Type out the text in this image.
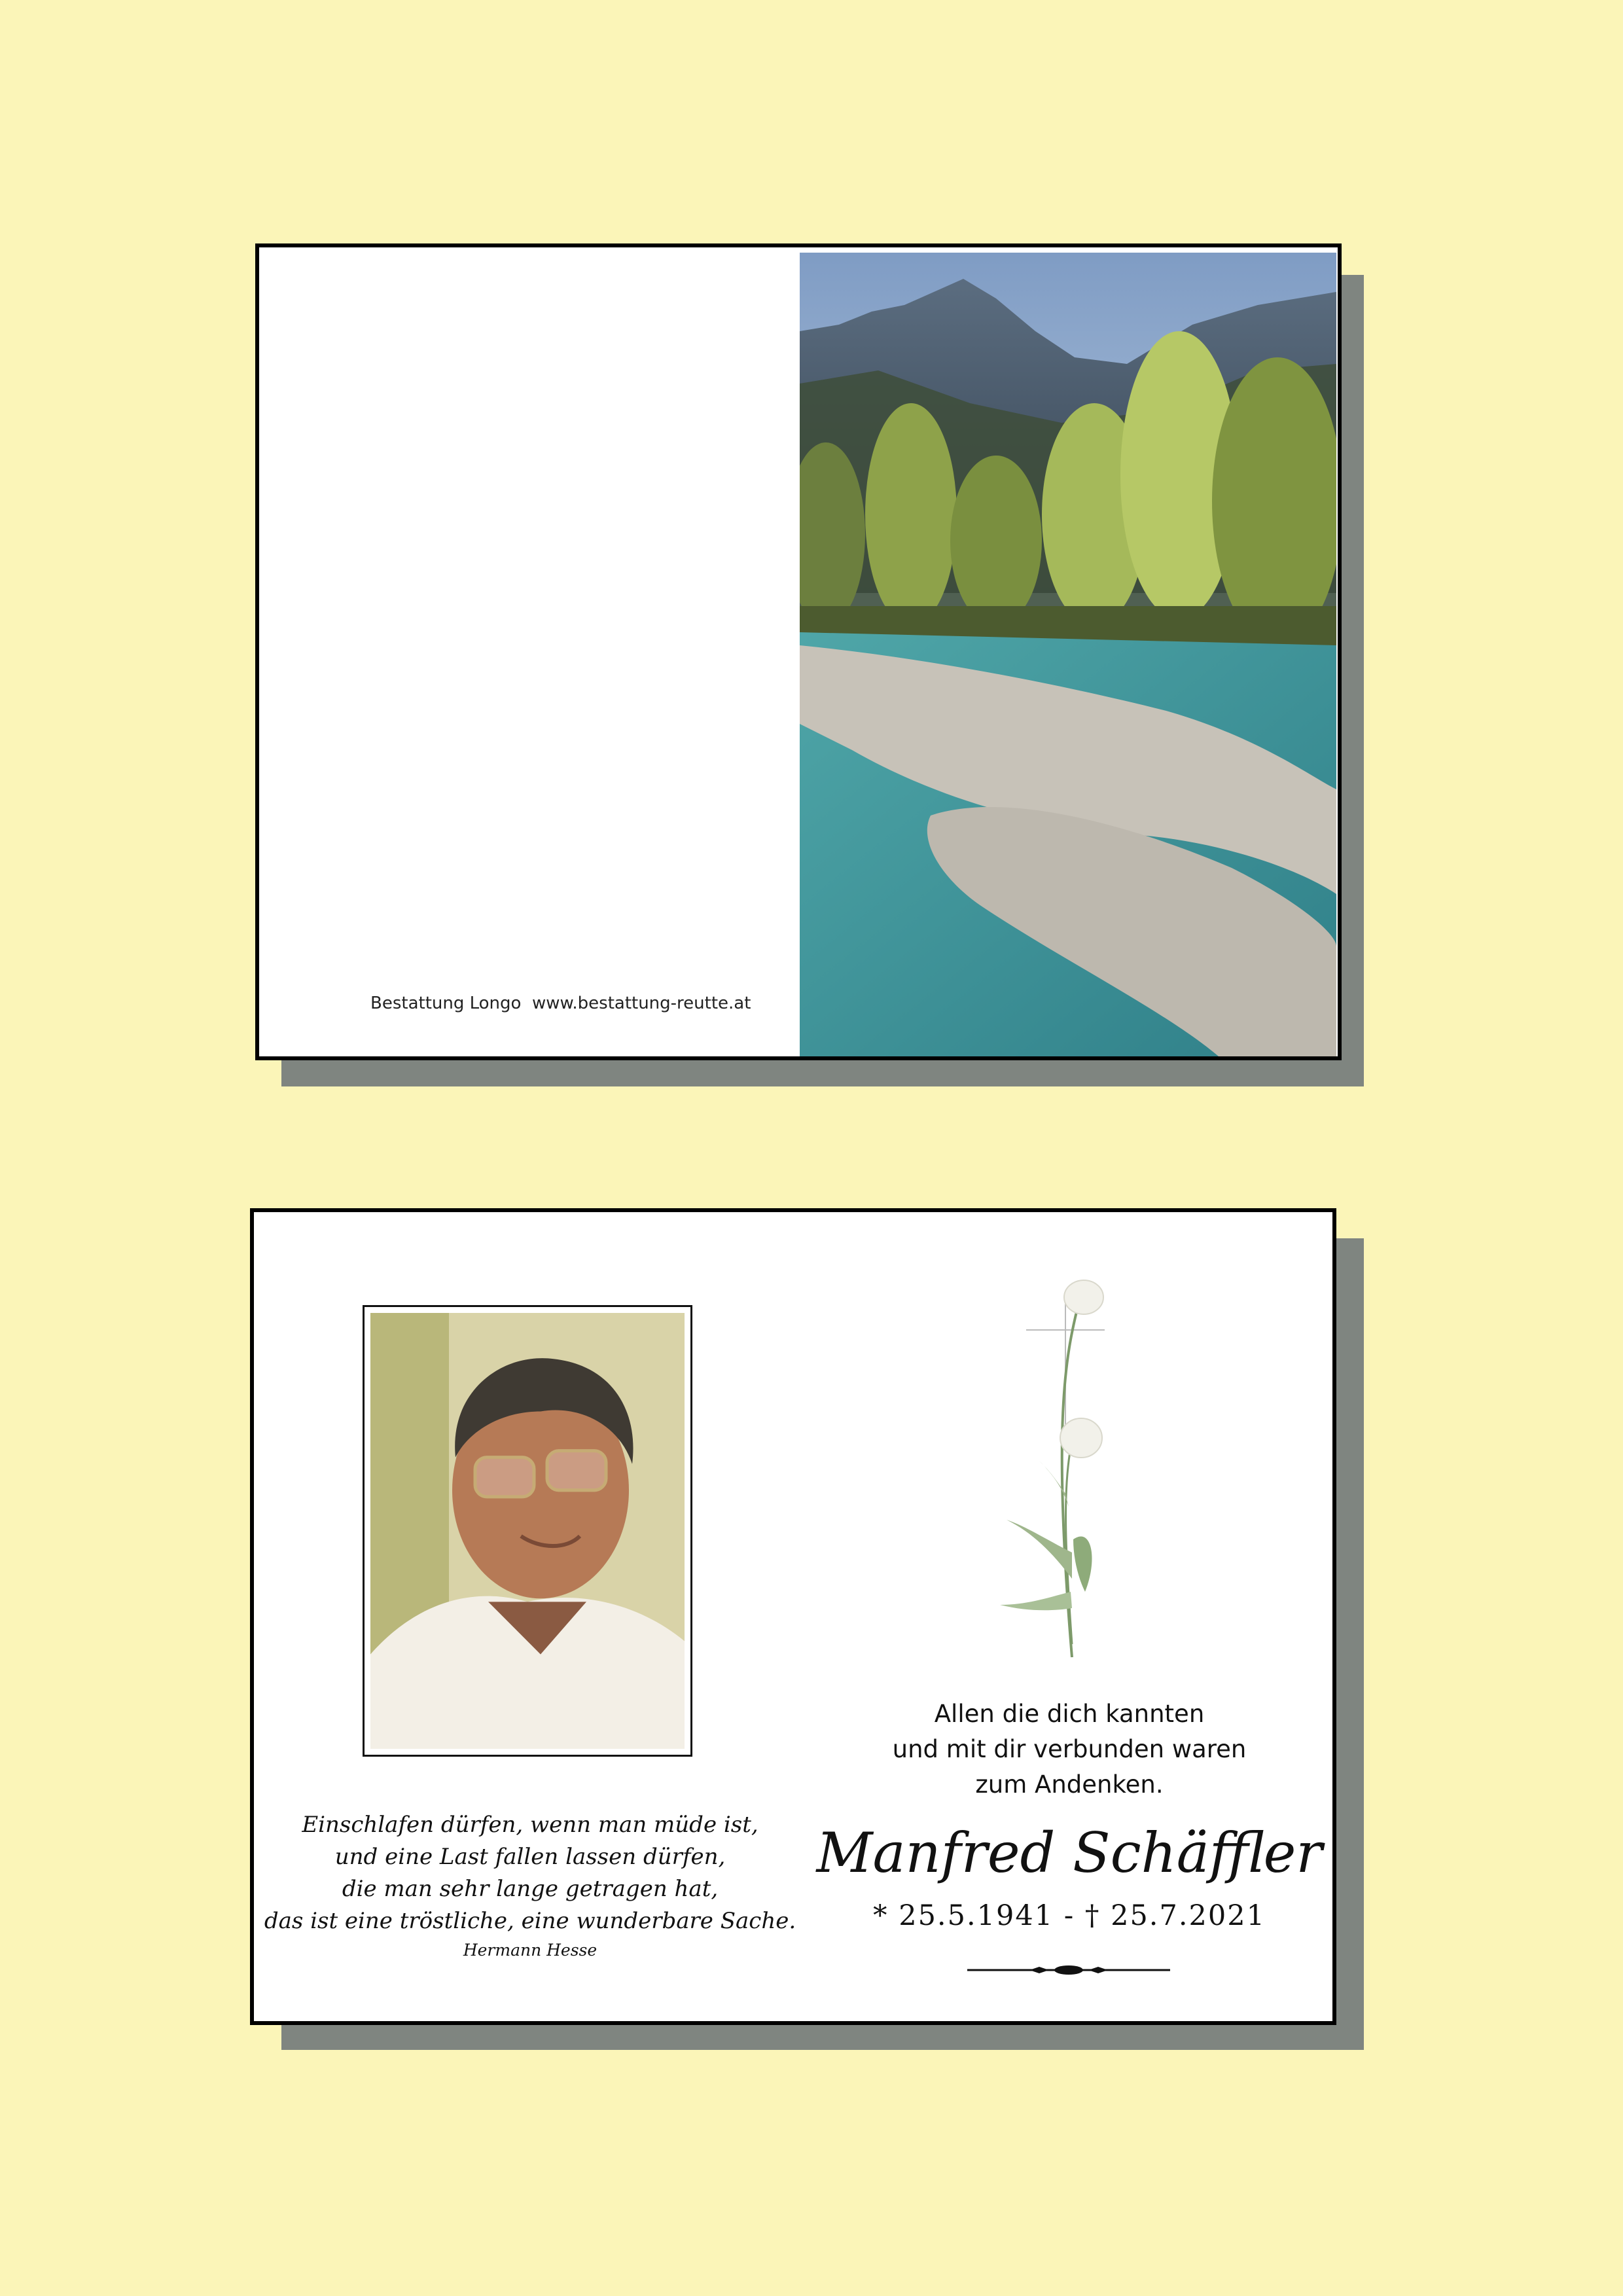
Bestattung Longo  www.bestattung-reutte.at
Einschlafen dürfen, wenn man müde ist,
und eine Last fallen lassen dürfen,
die man sehr lange getragen hat,
das ist eine tröstliche, eine wunderbare Sache.
Hermann Hesse
Allen die dich kannten
und mit dir verbunden waren
zum Andenken.
Manfred Schäffler
* 25.5.1941 - † 25.7.2021
